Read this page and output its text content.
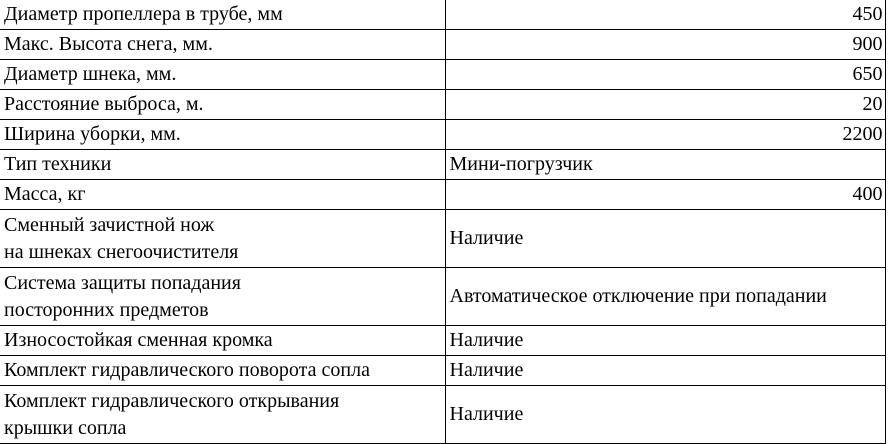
Диаметр пропеллера в трубе, мм	450

Макс. Высота снега, мм.	900

Диаметр шнека, мм.	650

Расстояние выброса, м.	20

Ширина уборки, мм.	2200

Тип техники	Мини-погрузчик

Масса, кг	400

Сменный зачистной нож
на шнеках снегоочистителя	Наличие

Система защиты попадания
посторонних предметов	Автоматическое отключение при попадании

Износостойкая сменная кромка	Наличие

Комплект гидравлического поворота сопла	Наличие

Комплект гидравлического открывания
крышки сопла	Наличие
